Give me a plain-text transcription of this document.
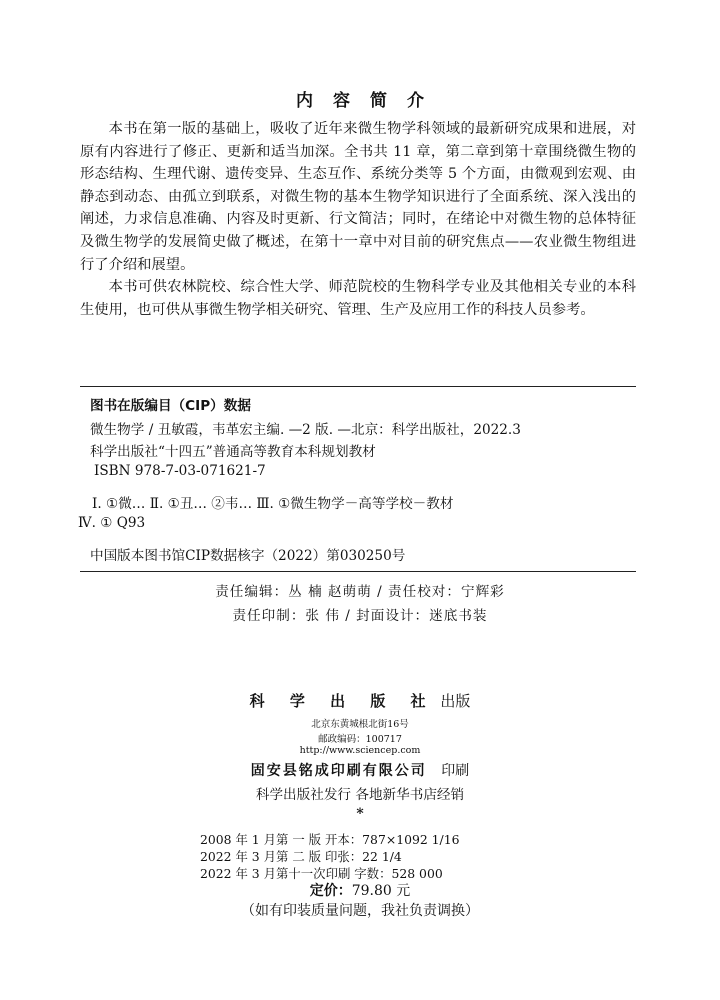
内容简介

本书在第一版的基础上，吸收了近年来微生物学科领域的最新研究成果和进展，对原有内容进行了修正、更新和适当加深。全书共 11 章，第二章到第十章围绕微生物的形态结构、生理代谢、遗传变异、生态互作、系统分类等 5 个方面，由微观到宏观、由静态到动态、由孤立到联系，对微生物的基本生物学知识进行了全面系统、深入浅出的阐述，力求信息准确、内容及时更新、行文简洁；同时，在绪论中对微生物的总体特征及微生物学的发展简史做了概述，在第十一章中对目前的研究焦点——农业微生物组进行了介绍和展望。

本书可供农林院校、综合性大学、师范院校的生物科学专业及其他相关专业的本科生使用，也可供从事微生物学相关研究、管理、生产及应用工作的科技人员参考。

图书在版编目（CIP）数据
微生物学 / 丑敏霞，韦革宏主编. —2 版. —北京：科学出版社，2022.3
科学出版社“十四五”普通高等教育本科规划教材
ISBN 978-7-03-071621-7
Ⅰ. ①微… Ⅱ. ①丑… ②韦… Ⅲ. ①微生物学－高等学校－教材
Ⅳ. ① Q93
中国版本图书馆CIP数据核字（2022）第030250号
责任编辑：丛 楠 赵萌萌 / 责任校对：宁辉彩
责任印制：张 伟 / 封面设计：迷底书装
科 学 出 版 社 出版
北京东黄城根北街16号
邮政编码：100717
http://www.sciencep.com
固安县铭成印刷有限公司 印刷
科学出版社发行 各地新华书店经销
*
2008 年 1 月第 一 版 开本：787×1092 1/16
2022 年 3 月第 二 版 印张：22 1/4
2022 年 3 月第十一次印刷 字数：528 000
定价：79.80 元
（如有印装质量问题，我社负责调换）
